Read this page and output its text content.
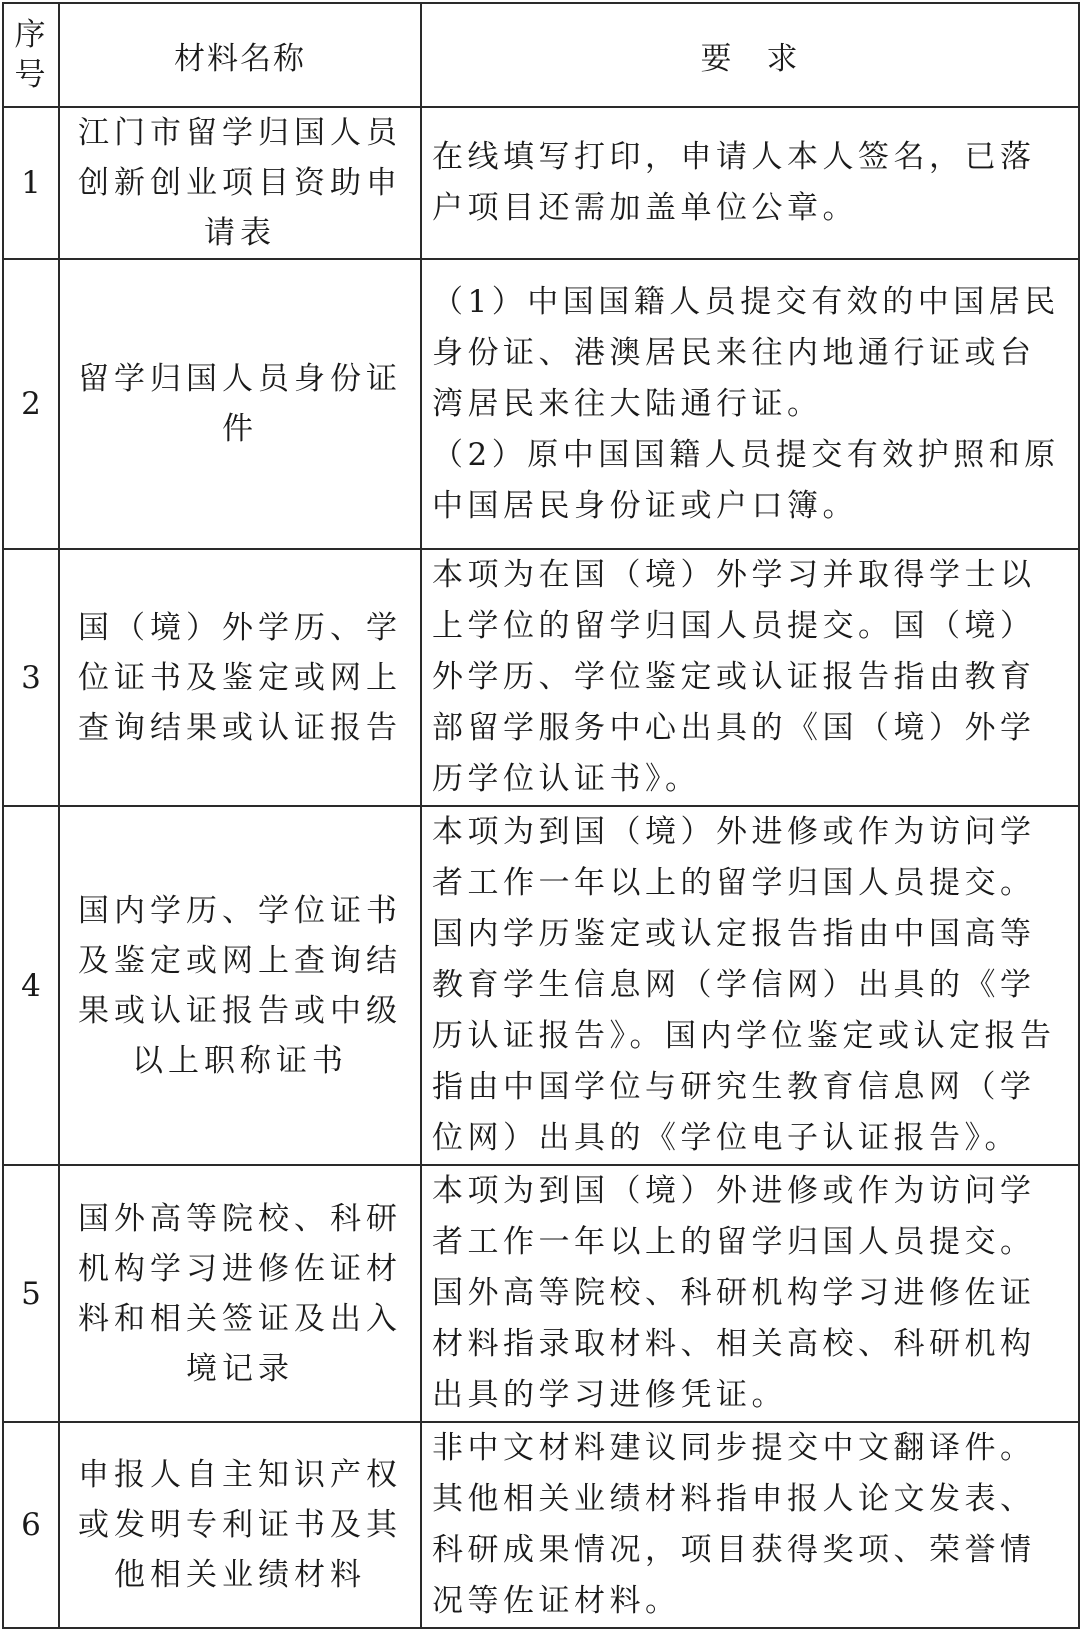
序
号	材料名称	要　求
1	江门市留学归国人员创新创业项目资助申请表	在线填写打印，申请人本人签名，已落户项目还需加盖单位公章。

2	留学归国人员身份证件	（1）中国国籍人员提交有效的中国居民身份证、港澳居民来往内地通行证或台湾居民来往大陆通行证。
（2）原中国国籍人员提交有效护照和原中国居民身份证或户口簿。

3	国（境）外学历、学位证书及鉴定或网上查询结果或认证报告	本项为在国（境）外学习并取得学士以上学位的留学归国人员提交。国（境）外学历、学位鉴定或认证报告指由教育部留学服务中心出具的《国（境）外学历学位认证书》。

4	国内学历、学位证书及鉴定或网上查询结果或认证报告或中级以上职称证书	本项为到国（境）外进修或作为访问学者工作一年以上的留学归国人员提交。国内学历鉴定或认定报告指由中国高等教育学生信息网（学信网）出具的《学历认证报告》。国内学位鉴定或认定报告指由中国学位与研究生教育信息网（学位网）出具的《学位电子认证报告》。

5	国外高等院校、科研机构学习进修佐证材料和相关签证及出入境记录	本项为到国（境）外进修或作为访问学者工作一年以上的留学归国人员提交。国外高等院校、科研机构学习进修佐证材料指录取材料、相关高校、科研机构出具的学习进修凭证。

6	申报人自主知识产权或发明专利证书及其他相关业绩材料	非中文材料建议同步提交中文翻译件。
其他相关业绩材料指申报人论文发表、科研成果情况，项目获得奖项、荣誉情况等佐证材料。
